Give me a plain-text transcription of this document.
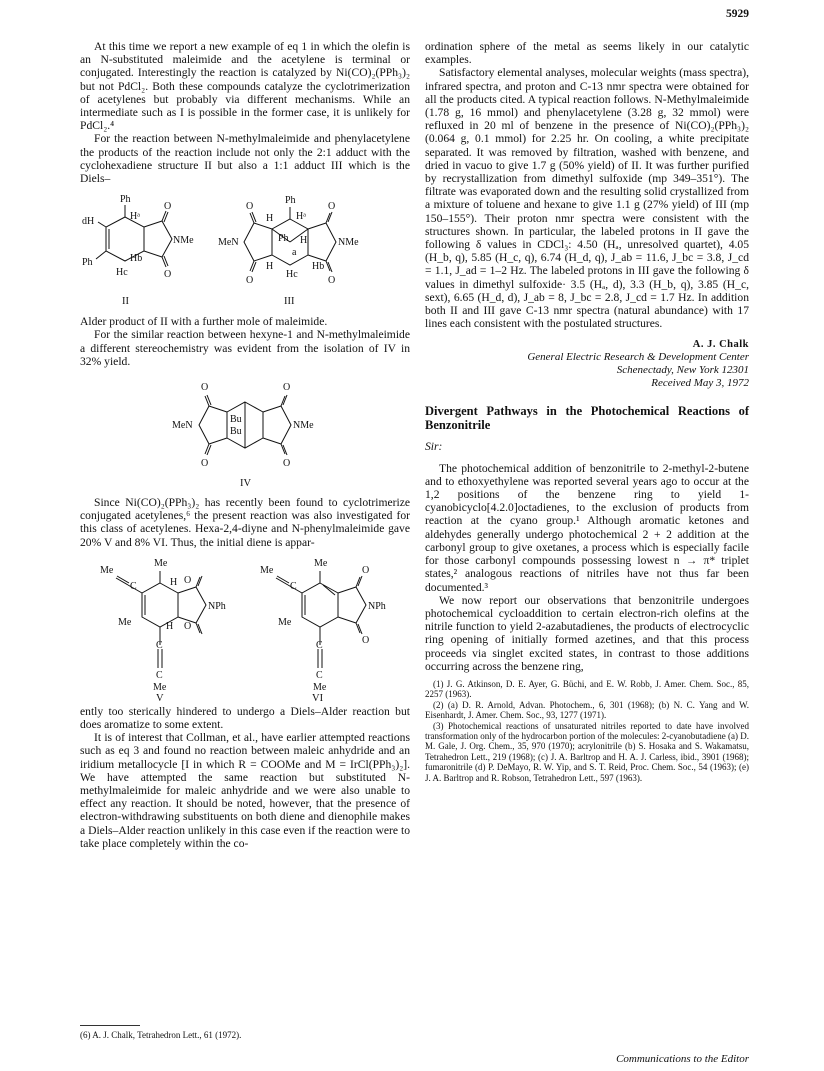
5929

At this time we report a new example of eq 1 in which the olefin is an N-substituted maleimide and the acetylene is terminal or conjugated. Interestingly the reaction is catalyzed by Ni(CO)₂(PPh₃)₂ but not PdCl₂. Both these compounds catalyze the cyclotrimerization of acetylenes but probably via different mechanisms. While an intermediate such as I is possible in the former case, it is unlikely for PdCl₂.⁴

For the reaction between N-methylmaleimide and phenylacetylene the products of the reaction include not only the 2:1 adduct with the cyclohexadiene structure II but also a 1:1 adduct III which is the Diels–

Ph
Hᵃ
O
dH
NMe
Ph	Hb
O
Hc
II
Ph
O
H Hᵃ
O
MeN	Ph H
a
NMe
O
H	Hb
Hc
O
III

Alder product of II with a further mole of maleimide.

For the similar reaction between hexyne-1 and N-methylmaleimide a different stereochemistry was evident from the isolation of IV in 32% yield.

O	O
MeN	NMe
Bu
Bu
O	O
IV

Since Ni(CO)₂(PPh₃)₂ has recently been found to cyclotrimerize conjugated acetylenes,⁶ the present reaction was also investigated for this class of acetylenes. Hexa-2,4-diyne and N-phenylmaleimide gave 20% V and 8% VI. Thus, the initial diene is appar-

Me
Me
C	H O
NPh
Me	H O
C
C
Me
V
Me
Me
C
O
NPh
Me
O
C
C
Me
VI

ently too sterically hindered to undergo a Diels–Alder reaction but does aromatize to some extent.

It is of interest that Collman, et al., have earlier attempted reactions such as eq 3 and found no reaction between maleic anhydride and an iridium metallocycle [I in which R = COOMe and M = IrCl(PPh₃)₂]. We have attempted the same reaction but substituted N-methylmaleimide for maleic anhydride and we were also unable to effect any reaction. It should be noted, however, that the presence of electron-withdrawing substituents on both diene and dienophile makes a Diels–Alder reaction unlikely in this case even if the reaction were to take place completely within the co-

(6) A. J. Chalk, Tetrahedron Lett., 61 (1972).

ordination sphere of the metal as seems likely in our catalytic examples.

Satisfactory elemental analyses, molecular weights (mass spectra), infrared spectra, and proton and C-13 nmr spectra were obtained for all the products cited. A typical reaction follows. N-Methylmaleimide (1.78 g, 16 mmol) and phenylacetylene (3.28 g, 32 mmol) were refluxed in 20 ml of benzene in the presence of Ni(CO)₂(PPh₃)₂ (0.064 g, 0.1 mmol) for 2.25 hr. On cooling, a white precipitate separated. It was removed by filtration, washed with benzene, and dried in vacuo to give 1.7 g (50% yield) of II. It was further purified by recrystallization from dimethyl sulfoxide (mp 349–351°). The filtrate was evaporated down and the resulting solid crystallized from a mixture of toluene and hexane to give 1.1 g (27% yield) of III (mp 150–155°). Their proton nmr spectra were consistent with the structures shown. In particular, the labeled protons in II gave the following δ values in CDCl₃: 4.50 (Hₐ, unresolved quartet), 4.05 (H_b, q), 5.85 (H_c, q), 6.74 (H_d, q), J_ab = 11.6, J_bc = 3.8, J_cd = 1.1, J_ad = 1–2 Hz. The labeled protons in III gave the following δ values in dimethyl sulfoxide· 3.5 (Hₐ, d), 3.3 (H_b, q), 3.85 (H_c, sext), 6.65 (H_d, d), J_ab = 8, J_bc = 2.8, J_cd = 1.7 Hz. In addition both II and III gave C-13 nmr spectra (natural abundance) with 17 lines each consistent with the postulated structures.

A. J. Chalk
General Electric Research & Development Center
Schenectady, New York 12301
Received May 3, 1972
Divergent Pathways in the Photochemical Reactions of Benzonitrile

Sir:

The photochemical addition of benzonitrile to 2-methyl-2-butene and to ethoxyethylene was reported several years ago to occur at the 1,2 positions of the benzene ring to yield 1-cyanobicyclo[4.2.0]octadienes, to the exclusion of products from reaction at the cyano group.¹ Although aromatic ketones and aldehydes generally undergo photochemical 2 + 2 addition at the carbonyl group to give oxetanes, a process which is especially facile for those carbonyl compounds possessing lowest n → π* triplet states,² analogous reactions of nitriles have not thus far been documented.³

We now report our observations that benzonitrile undergoes photochemical cycloaddition to certain electron-rich olefins at the nitrile function to yield 2-azabutadienes, the products of electrocyclic ring opening of initially formed azetines, and that this process proceeds via singlet excited states, in contrast to those additions occurring across the benzene ring,

(1) J. G. Atkinson, D. E. Ayer, G. Büchi, and E. W. Robb, J. Amer. Chem. Soc., 85, 2257 (1963).
(2) (a) D. R. Arnold, Advan. Photochem., 6, 301 (1968); (b) N. C. Yang and W. Eisenhardt, J. Amer. Chem. Soc., 93, 1277 (1971).
(3) Photochemical reactions of unsaturated nitriles reported to date have involved transformation only of the hydrocarbon portion of the molecules: 2-cyanobutadiene (a) D. M. Gale, J. Org. Chem., 35, 970 (1970); acrylonitrile (b) S. Hosaka and S. Wakamatsu, Tetrahedron Lett., 219 (1968); (c) J. A. Barltrop and H. A. J. Carless, ibid., 3901 (1968); fumaronitrile (d) P. DeMayo, R. W. Yip, and S. T. Reid, Proc. Chem. Soc., 54 (1963); (e) J. A. Barltrop and R. Robson, Tetrahedron Lett., 597 (1963).
Communications to the Editor
